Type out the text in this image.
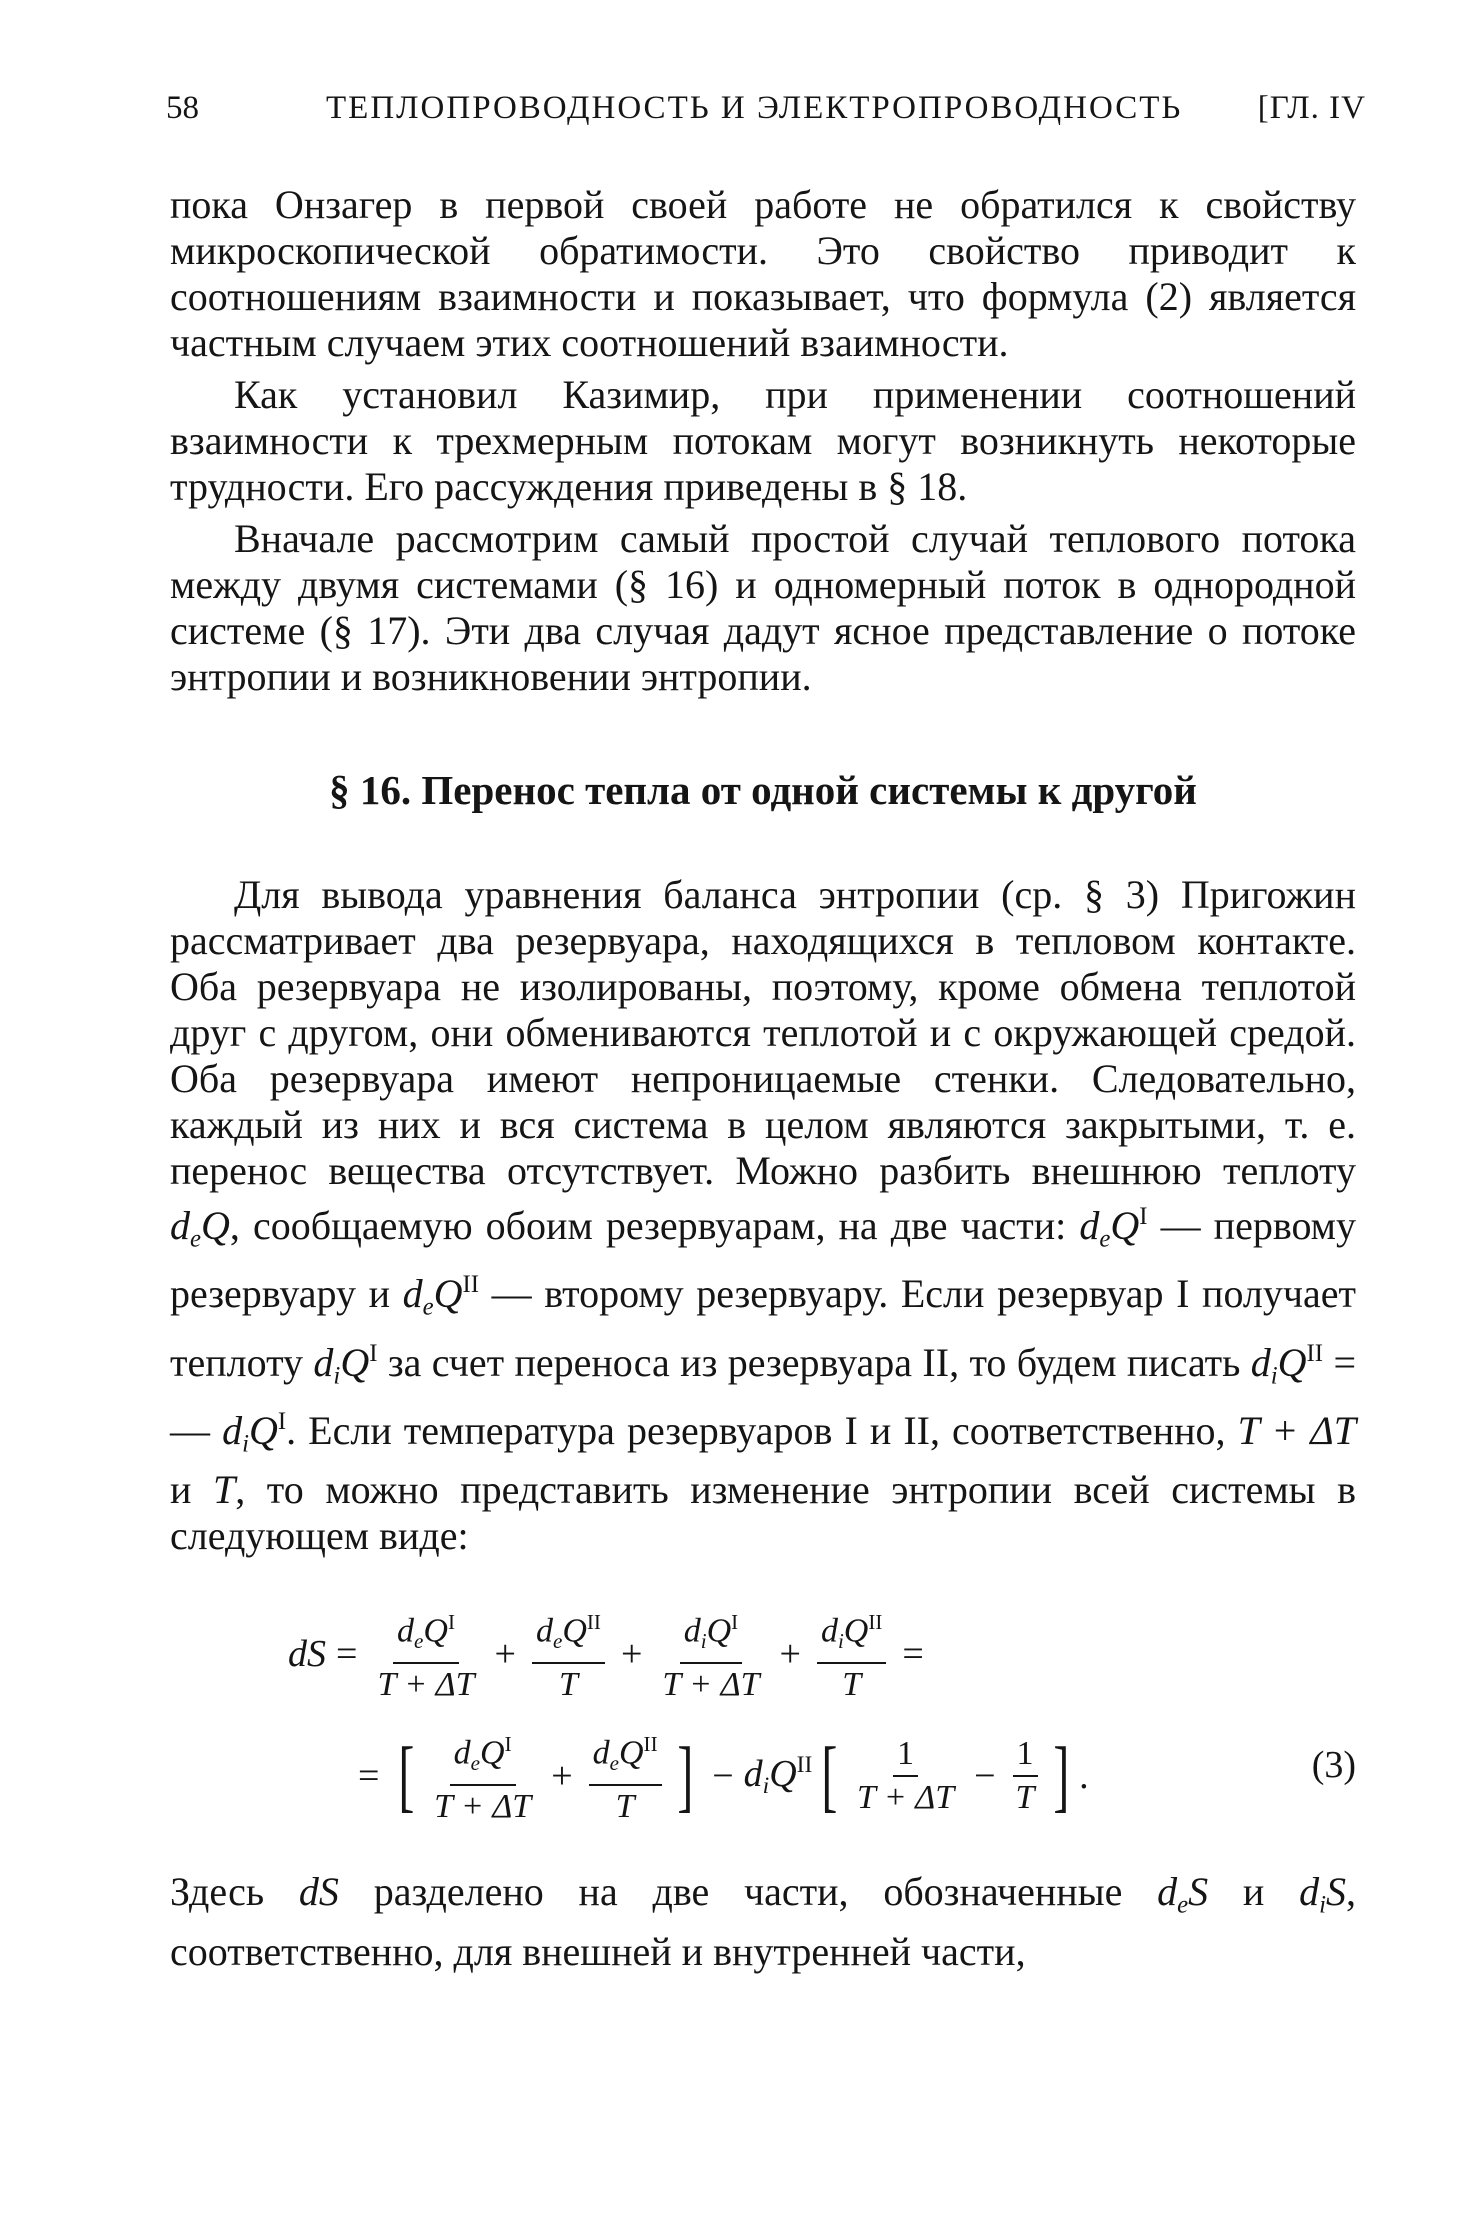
58	ТЕПЛОПРОВОДНОСТЬ И ЭЛЕКТРОПРОВОДНОСТЬ [ГЛ. IV

пока Онзагер в первой своей работе не обратился к свойству микроскопической обратимости. Это свойство приводит к соотношениям взаимности и показывает, что формула (2) является частным случаем этих соотношений взаимности.

Как установил Казимир, при применении соотношений взаимности к трехмерным потокам могут возникнуть некоторые трудности. Его рассуждения приведены в § 18.

Вначале рассмотрим самый простой случай теплового потока между двумя системами (§ 16) и одномерный поток в однородной системе (§ 17). Эти два случая дадут ясное представление о потоке энтропии и возникновении энтропии.

§ 16. Перенос тепла от одной системы к другой

Для вывода уравнения баланса энтропии (ср. § 3) Пригожин рассматривает два резервуара, находящихся в тепловом контакте. Оба резервуара не изолированы, поэтому, кроме обмена теплотой друг с другом, они обмениваются теплотой и с окружающей средой. Оба резервуара имеют непроницаемые стенки. Следовательно, каждый из них и вся система в целом являются закрытыми, т. е. перенос вещества отсутствует. Можно разбить внешнюю теплоту $d_eQ$, сообщаемую обоим резервуарам, на две части: $d_eQ^I$ — первому резервуару и $d_eQ^{II}$ — второму резервуару. Если резервуар I получает теплоту $d_iQ^I$ за счет переноса из резервуара II, то будем писать $d_iQ^{II}$ = — $d_iQ^I$. Если температура резервуаров I и II, соответственно, T + ΔT и T, то можно представить изменение энтропии всей системы в следующем виде:

dS = $\frac{d_eQ^I}{T + \Delta T} + \frac{d_eQ^{II}}{T} + \frac{d_iQ^I}{T + \Delta T} + \frac{d_iQ^{II}}{T}$ =
= [ $\frac{d_eQ^I}{T + \Delta T} + \frac{d_eQ^{II}}{T}$ ] − $d_iQ^{II}$ [ $\frac{1}{T + \Delta T} - \frac{1}{T}$ ] .	(3)

Здесь dS разделено на две части, обозначенные $d_eS$ и $d_iS$, соответственно, для внешней и внутренней части,
